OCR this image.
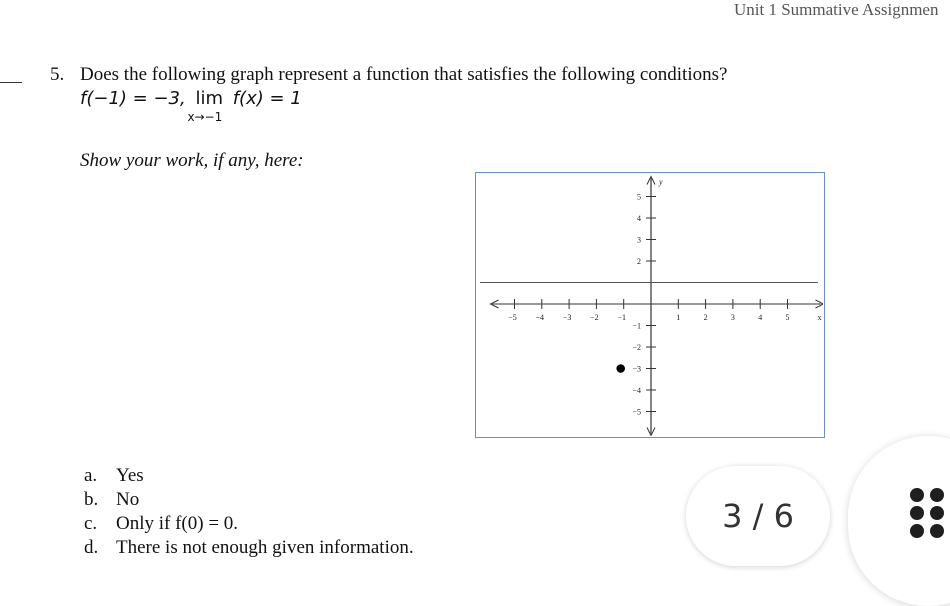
Unit 1 Summative Assignmen
5. Does the following graph represent a function that satisfies the following conditions?
f(−1) = −3, lim
x→−1
f(x) = 1
Show your work, if any, here:
−5 −4 −3 −2 −1	1	2	3	4	5	x
5
4
3
2
−1
−2
−3
−4
−5
y
a. Yes
b. No
c. Only if f(0) = 0.
d. There is not enough given information.
3 / 6
